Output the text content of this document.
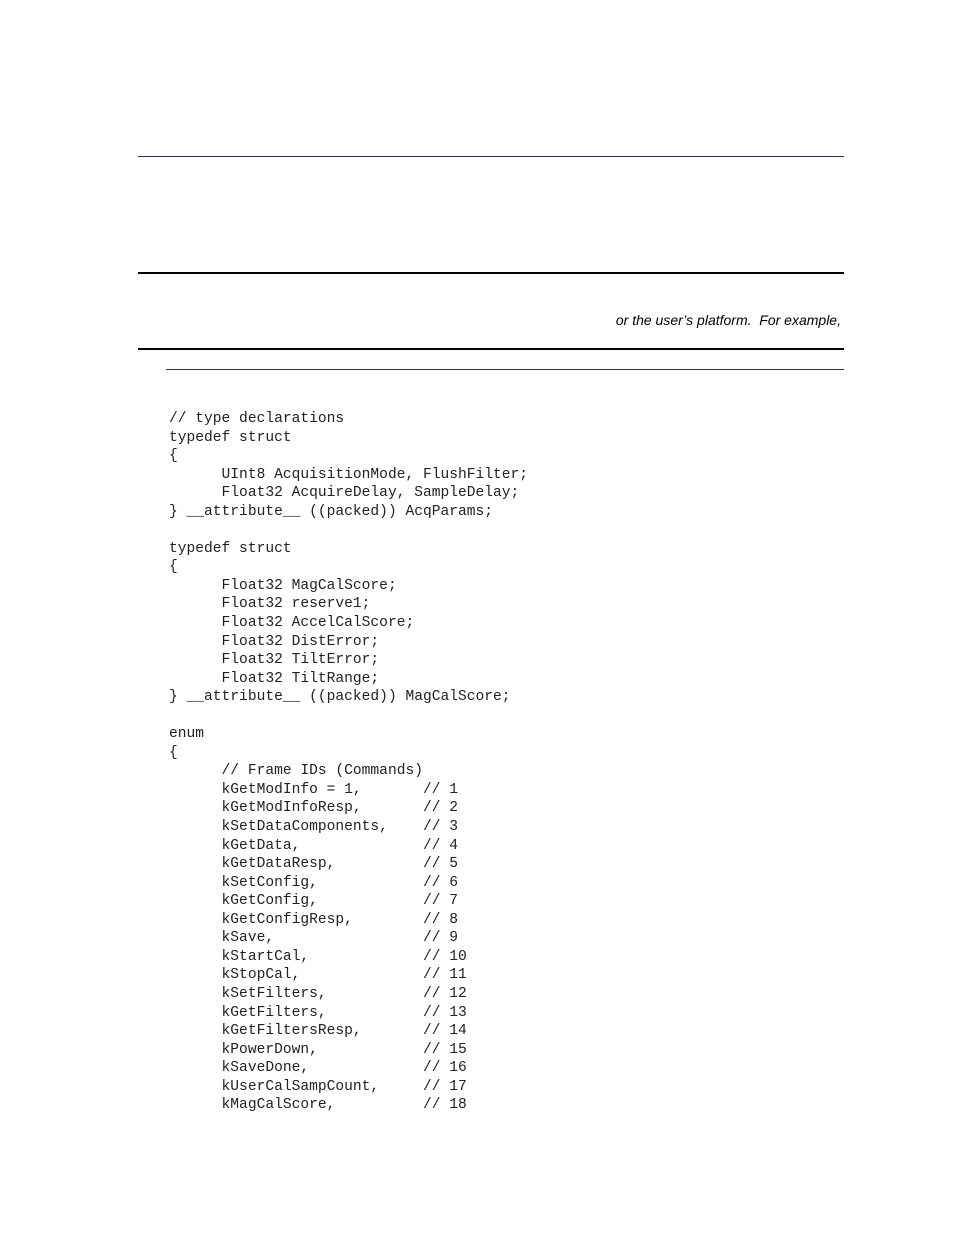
or the user’s platform.  For example,
// type declarations
typedef struct
{
UInt8 AcquisitionMode, FlushFilter;
Float32 AcquireDelay, SampleDelay;
} __attribute__ ((packed)) AcqParams;
typedef struct
{
Float32 MagCalScore;
Float32 reserve1;
Float32 AccelCalScore;
Float32 DistError;
Float32 TiltError;
Float32 TiltRange;
} __attribute__ ((packed)) MagCalScore;
enum
{
// Frame IDs (Commands)
kGetModInfo = 1,       // 1
kGetModInfoResp,       // 2
kSetDataComponents,    // 3
kGetData,              // 4
kGetDataResp,          // 5
kSetConfig,            // 6
kGetConfig,            // 7
kGetConfigResp,        // 8
kSave,                 // 9
kStartCal,             // 10
kStopCal,              // 11
kSetFilters,           // 12
kGetFilters,           // 13
kGetFiltersResp,       // 14
kPowerDown,            // 15
kSaveDone,             // 16
kUserCalSampCount,     // 17
kMagCalScore,          // 18
